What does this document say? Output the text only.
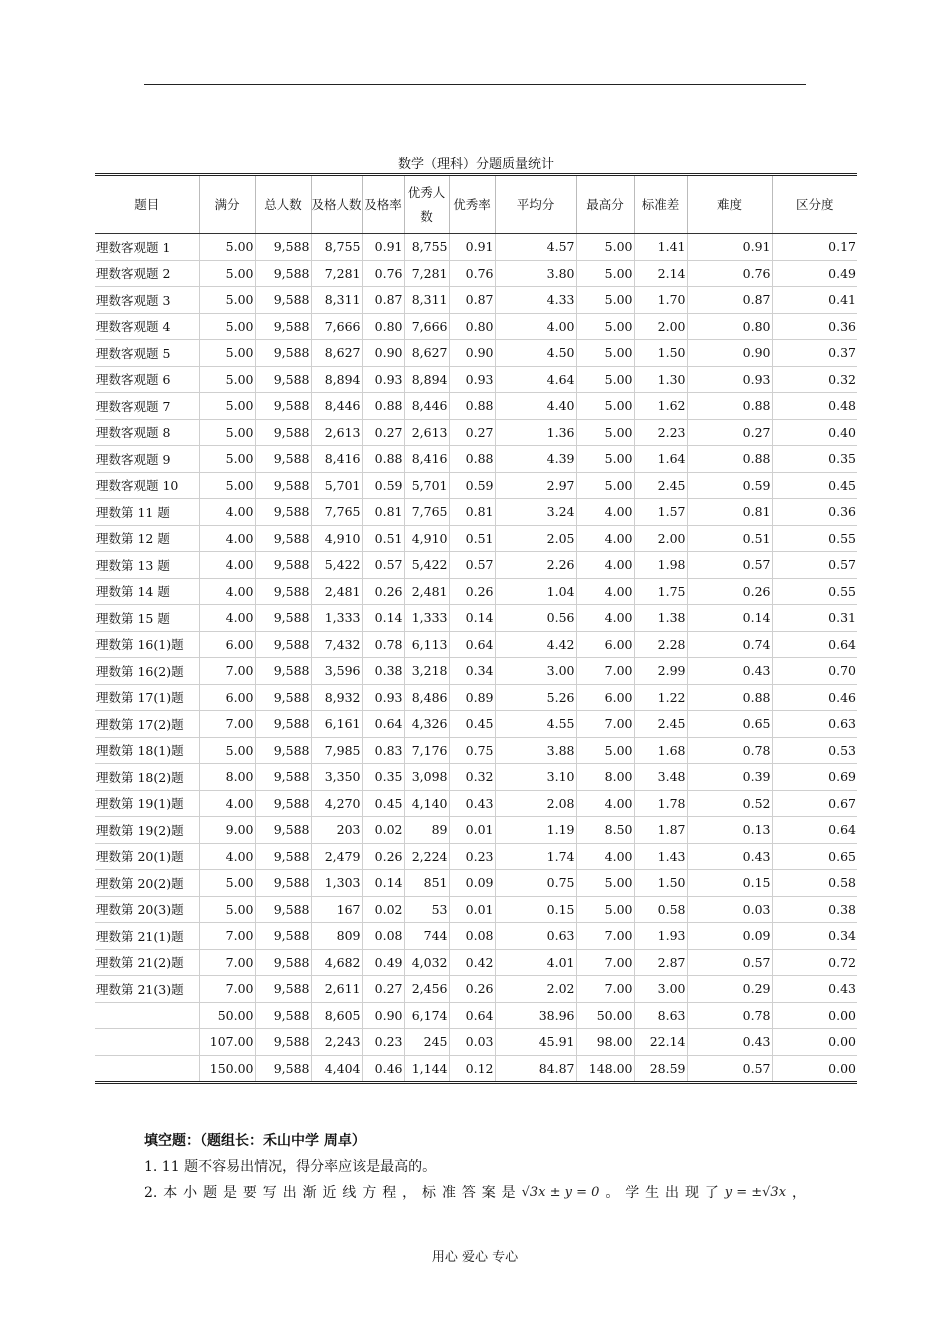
数学（理科）分题质量统计
题目	满分	总人数	及格人数	及格率	优秀人数	优秀率	平均分	最高分	标准差	难度	区分度
理数客观题 1	5.00	9,588	8,755	0.91	8,755	0.91	4.57	5.00	1.41	0.91	0.17
理数客观题 2	5.00	9,588	7,281	0.76	7,281	0.76	3.80	5.00	2.14	0.76	0.49
理数客观题 3	5.00	9,588	8,311	0.87	8,311	0.87	4.33	5.00	1.70	0.87	0.41
理数客观题 4	5.00	9,588	7,666	0.80	7,666	0.80	4.00	5.00	2.00	0.80	0.36
理数客观题 5	5.00	9,588	8,627	0.90	8,627	0.90	4.50	5.00	1.50	0.90	0.37
理数客观题 6	5.00	9,588	8,894	0.93	8,894	0.93	4.64	5.00	1.30	0.93	0.32
理数客观题 7	5.00	9,588	8,446	0.88	8,446	0.88	4.40	5.00	1.62	0.88	0.48
理数客观题 8	5.00	9,588	2,613	0.27	2,613	0.27	1.36	5.00	2.23	0.27	0.40
理数客观题 9	5.00	9,588	8,416	0.88	8,416	0.88	4.39	5.00	1.64	0.88	0.35
理数客观题 10	5.00	9,588	5,701	0.59	5,701	0.59	2.97	5.00	2.45	0.59	0.45
理数第 11 题	4.00	9,588	7,765	0.81	7,765	0.81	3.24	4.00	1.57	0.81	0.36
理数第 12 题	4.00	9,588	4,910	0.51	4,910	0.51	2.05	4.00	2.00	0.51	0.55
理数第 13 题	4.00	9,588	5,422	0.57	5,422	0.57	2.26	4.00	1.98	0.57	0.57
理数第 14 题	4.00	9,588	2,481	0.26	2,481	0.26	1.04	4.00	1.75	0.26	0.55
理数第 15 题	4.00	9,588	1,333	0.14	1,333	0.14	0.56	4.00	1.38	0.14	0.31
理数第 16(1)题	6.00	9,588	7,432	0.78	6,113	0.64	4.42	6.00	2.28	0.74	0.64
理数第 16(2)题	7.00	9,588	3,596	0.38	3,218	0.34	3.00	7.00	2.99	0.43	0.70
理数第 17(1)题	6.00	9,588	8,932	0.93	8,486	0.89	5.26	6.00	1.22	0.88	0.46
理数第 17(2)题	7.00	9,588	6,161	0.64	4,326	0.45	4.55	7.00	2.45	0.65	0.63
理数第 18(1)题	5.00	9,588	7,985	0.83	7,176	0.75	3.88	5.00	1.68	0.78	0.53
理数第 18(2)题	8.00	9,588	3,350	0.35	3,098	0.32	3.10	8.00	3.48	0.39	0.69
理数第 19(1)题	4.00	9,588	4,270	0.45	4,140	0.43	2.08	4.00	1.78	0.52	0.67
理数第 19(2)题	9.00	9,588	203	0.02	89	0.01	1.19	8.50	1.87	0.13	0.64
理数第 20(1)题	4.00	9,588	2,479	0.26	2,224	0.23	1.74	4.00	1.43	0.43	0.65
理数第 20(2)题	5.00	9,588	1,303	0.14	851	0.09	0.75	5.00	1.50	0.15	0.58
理数第 20(3)题	5.00	9,588	167	0.02	53	0.01	0.15	5.00	0.58	0.03	0.38
理数第 21(1)题	7.00	9,588	809	0.08	744	0.08	0.63	7.00	1.93	0.09	0.34
理数第 21(2)题	7.00	9,588	4,682	0.49	4,032	0.42	4.01	7.00	2.87	0.57	0.72
理数第 21(3)题	7.00	9,588	2,611	0.27	2,456	0.26	2.02	7.00	3.00	0.29	0.43
	50.00	9,588	8,605	0.90	6,174	0.64	38.96	50.00	8.63	0.78	0.00
	107.00	9,588	2,243	0.23	245	0.03	45.91	98.00	22.14	0.43	0.00
	150.00	9,588	4,404	0.46	1,144	0.12	84.87	148.00	28.59	0.57	0.00

填空题：（题组长：禾山中学 周卓）

1. 11 题不容易出情况，得分率应该是最高的。

2. 本 小 题 是 要 写 出 渐 近 线 方 程 ， 标 准 答 案 是 √3x ± y = 0 。 学 生 出 现 了 y = ±√3x ，

用心 爱心 专心
